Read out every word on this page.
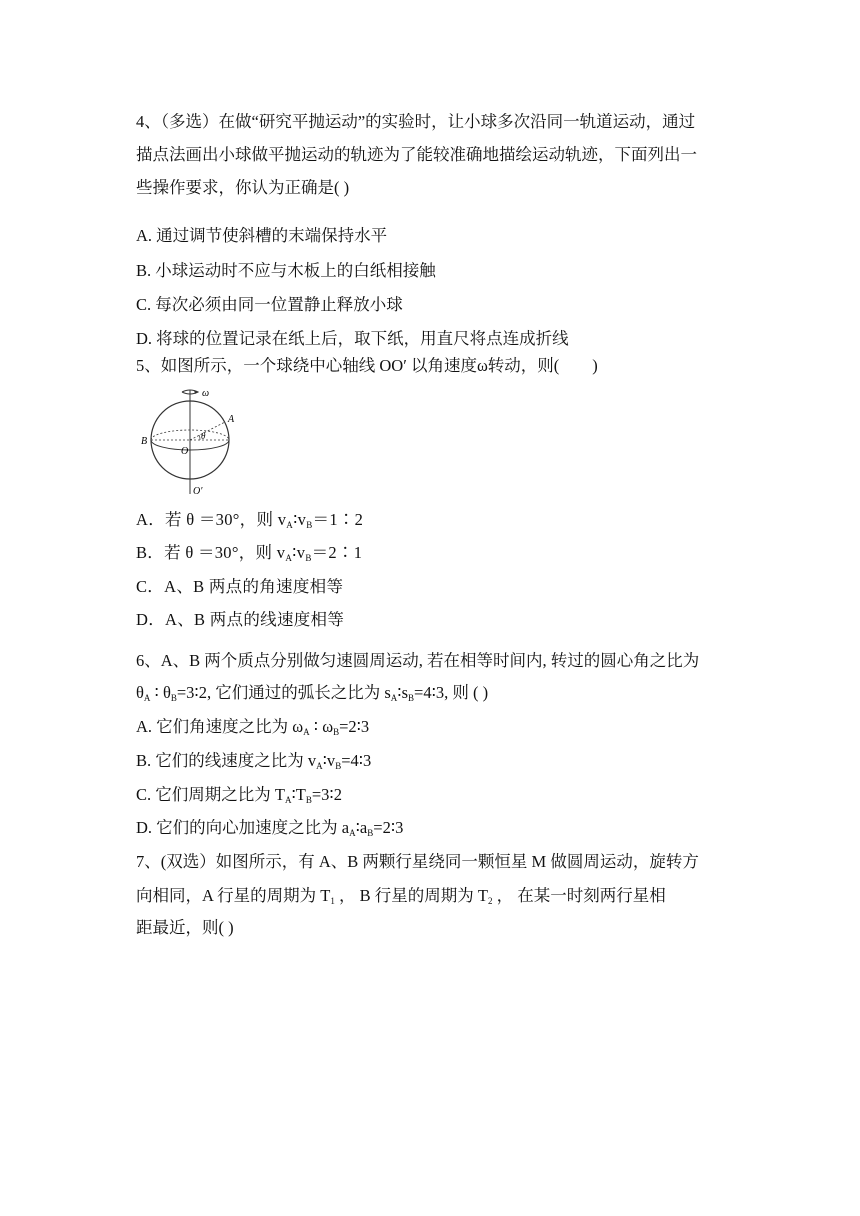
4、（多选）在做“研究平抛运动”的实验时，让小球多次沿同一轨道运动，通过
描点法画出小球做平抛运动的轨迹为了能较准确地描绘运动轨迹，下面列出一
些操作要求，你认为正确是( )
A. 通过调节使斜槽的末端保持水平
B. 小球运动时不应与木板上的白纸相接触
C. 每次必须由同一位置静止释放小球
D. 将球的位置记录在纸上后，取下纸，用直尺将点连成折线
5、如图所示，一个球绕中心轴线 OO′ 以角速度ω转动，则(　　)
ω
A
B
O
θ
O′
A．若 θ ＝30°，则 $v_A∶v_B=1∶2$
B．若 θ ＝30°，则 $v_A∶v_B=2∶1$
C．A、B 两点的角速度相等
D．A、B 两点的线速度相等
6、A、B 两个质点分别做匀速圆周运动, 若在相等时间内, 转过的圆心角之比为
$\theta_A$ ∶ $\theta_B=3∶2$, 它们通过的弧长之比为 $s_A∶s_B=4∶3$, 则 ( )
A. 它们角速度之比为 $\omega_A$ ∶ $\omega_B=2∶3$
B. 它们的线速度之比为 $v_A∶v_B=4∶3$
C. 它们周期之比为 $T_A∶T_B=3∶2$
D. 它们的向心加速度之比为 $a_A∶a_B=2∶3$
7、(双选）如图所示，有 A、B 两颗行星绕同一颗恒星 M 做圆周运动，旋转方
向相同，A 行星的周期为 $T_1$ ， B 行星的周期为 $T_2$ ， 在某一时刻两行星相
距最近，则( )
